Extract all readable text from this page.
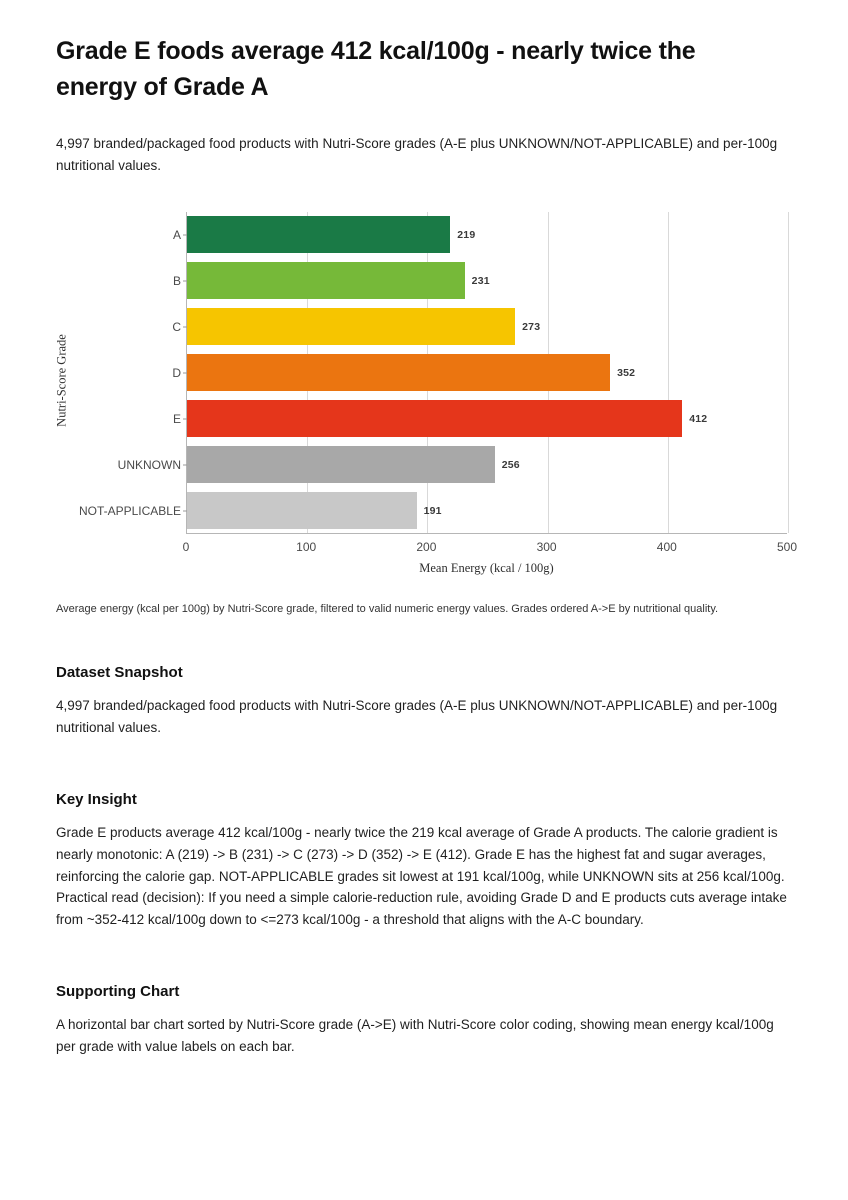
Grade E foods average 412 kcal/100g - nearly twice the energy of Grade A

4,997 branded/packaged food products with Nutri-Score grades (A-E plus UNKNOWN/NOT-APPLICABLE) and per-100g nutritional values.

Nutri-Score Grade
219
A
231
B
273
C
352
D
412
E
256
UNKNOWN
191
NOT-APPLICABLE
0	100	200	300	400	500
Mean Energy (kcal / 100g)

Average energy (kcal per 100g) by Nutri-Score grade, filtered to valid numeric energy values. Grades ordered A->E by nutritional quality.

Dataset Snapshot

4,997 branded/packaged food products with Nutri-Score grades (A-E plus UNKNOWN/NOT-APPLICABLE) and per-100g nutritional values.

Key Insight

Grade E products average 412 kcal/100g - nearly twice the 219 kcal average of Grade A products. The calorie gradient is nearly monotonic: A (219) -> B (231) -> C (273) -> D (352) -> E (412). Grade E has the highest fat and sugar averages, reinforcing the calorie gap. NOT-APPLICABLE grades sit lowest at 191 kcal/100g, while UNKNOWN sits at 256 kcal/100g. Practical read (decision): If you need a simple calorie-reduction rule, avoiding Grade D and E products cuts average intake from ~352-412 kcal/100g down to <=273 kcal/100g - a threshold that aligns with the A-C boundary.

Supporting Chart

A horizontal bar chart sorted by Nutri-Score grade (A->E) with Nutri-Score color coding, showing mean energy kcal/100g per grade with value labels on each bar.
